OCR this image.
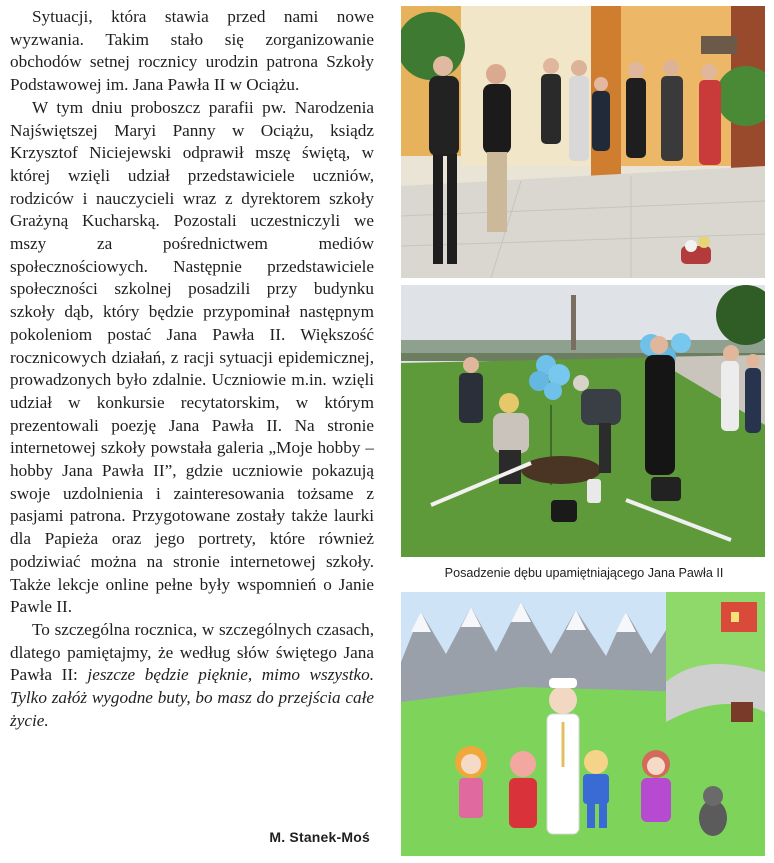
Sytuacji, która stawia przed nami nowe wyzwania. Takim stało się zorganizowanie obchodów setnej rocznicy urodzin patrona Szkoły Podstawowej im. Jana Pawła II w Ociążu.

W tym dniu proboszcz parafii pw. Narodzenia Najświętszej Maryi Panny w Ociążu, ksiądz Krzysztof Niciejewski odprawił mszę świętą, w której wzięli udział przedstawiciele uczniów, rodziców i nauczycieli wraz z dyrektorem szkoły Grażyną Kucharską. Pozostali uczestniczyli we mszy za pośrednictwem mediów społecznościowych. Następnie przedstawiciele społeczności szkolnej posadzili przy budynku szkoły dąb, który będzie przypominał następnym pokoleniom postać Jana Pawła II. Większość rocznicowych działań, z racji sytuacji epidemicznej, prowadzonych było zdalnie. Uczniowie m.in. wzięli udział w konkursie recytatorskim, w którym prezentowali poezję Jana Pawła II. Na stronie internetowej szkoły powstała galeria „Moje hobby – hobby Jana Pawła II”, gdzie uczniowie pokazują swoje uzdolnienia i zainteresowania tożsame z pasjami patrona. Przygotowane zostały także laurki dla Papieża oraz jego portrety, które również podziwiać można na stronie internetowej szkoły. Także lekcje online pełne były wspomnień o Janie Pawle II.

To szczególna rocznica, w szczególnych czasach, dlatego pamiętajmy, że według słów świętego Jana Pawła II: jeszcze będzie pięknie, mimo wszystko. Tylko załóż wygodne buty, bo masz do przejścia całe życie.

M. Stanek-Moś
Posadzenie dębu upamiętniającego Jana Pawła II
